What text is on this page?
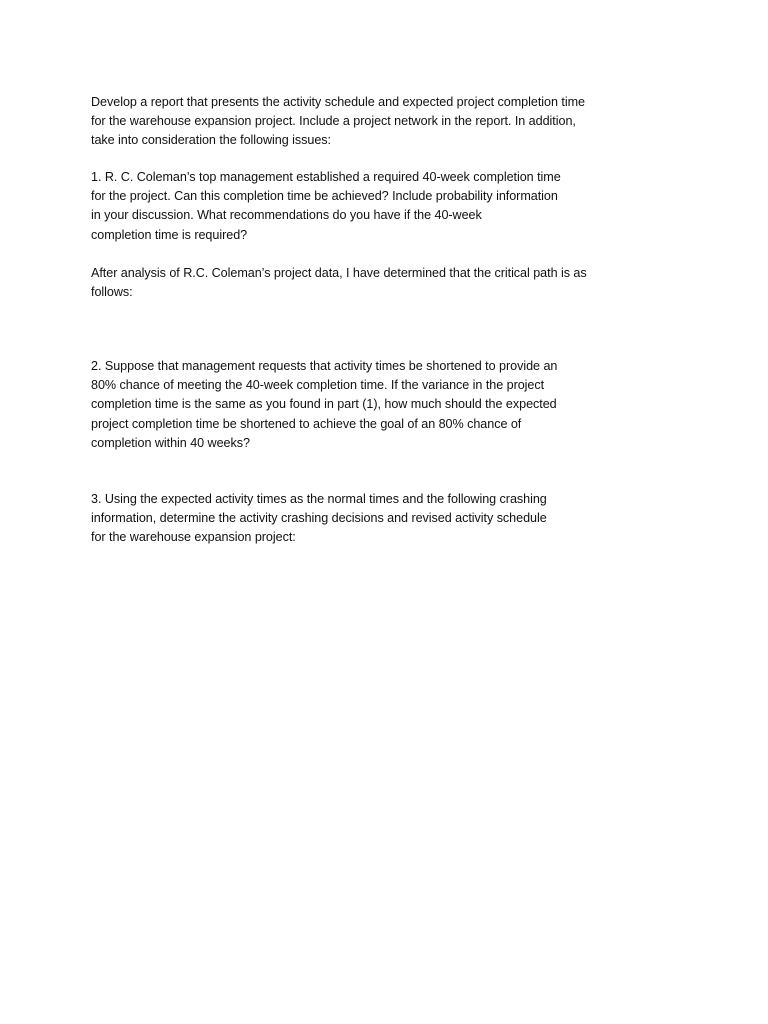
Develop a report that presents the activity schedule and expected project completion time
for the warehouse expansion project. Include a project network in the report. In addition,
take into consideration the following issues:

1. R. C. Coleman’s top management established a required 40-week completion time
for the project. Can this completion time be achieved? Include probability information
in your discussion. What recommendations do you have if the 40-week
completion time is required?

After analysis of R.C. Coleman’s project data, I have determined that the critical path is as
follows:

2. Suppose that management requests that activity times be shortened to provide an
80% chance of meeting the 40-week completion time. If the variance in the project
completion time is the same as you found in part (1), how much should the expected
project completion time be shortened to achieve the goal of an 80% chance of
completion within 40 weeks?

3. Using the expected activity times as the normal times and the following crashing
information, determine the activity crashing decisions and revised activity schedule
for the warehouse expansion project:
